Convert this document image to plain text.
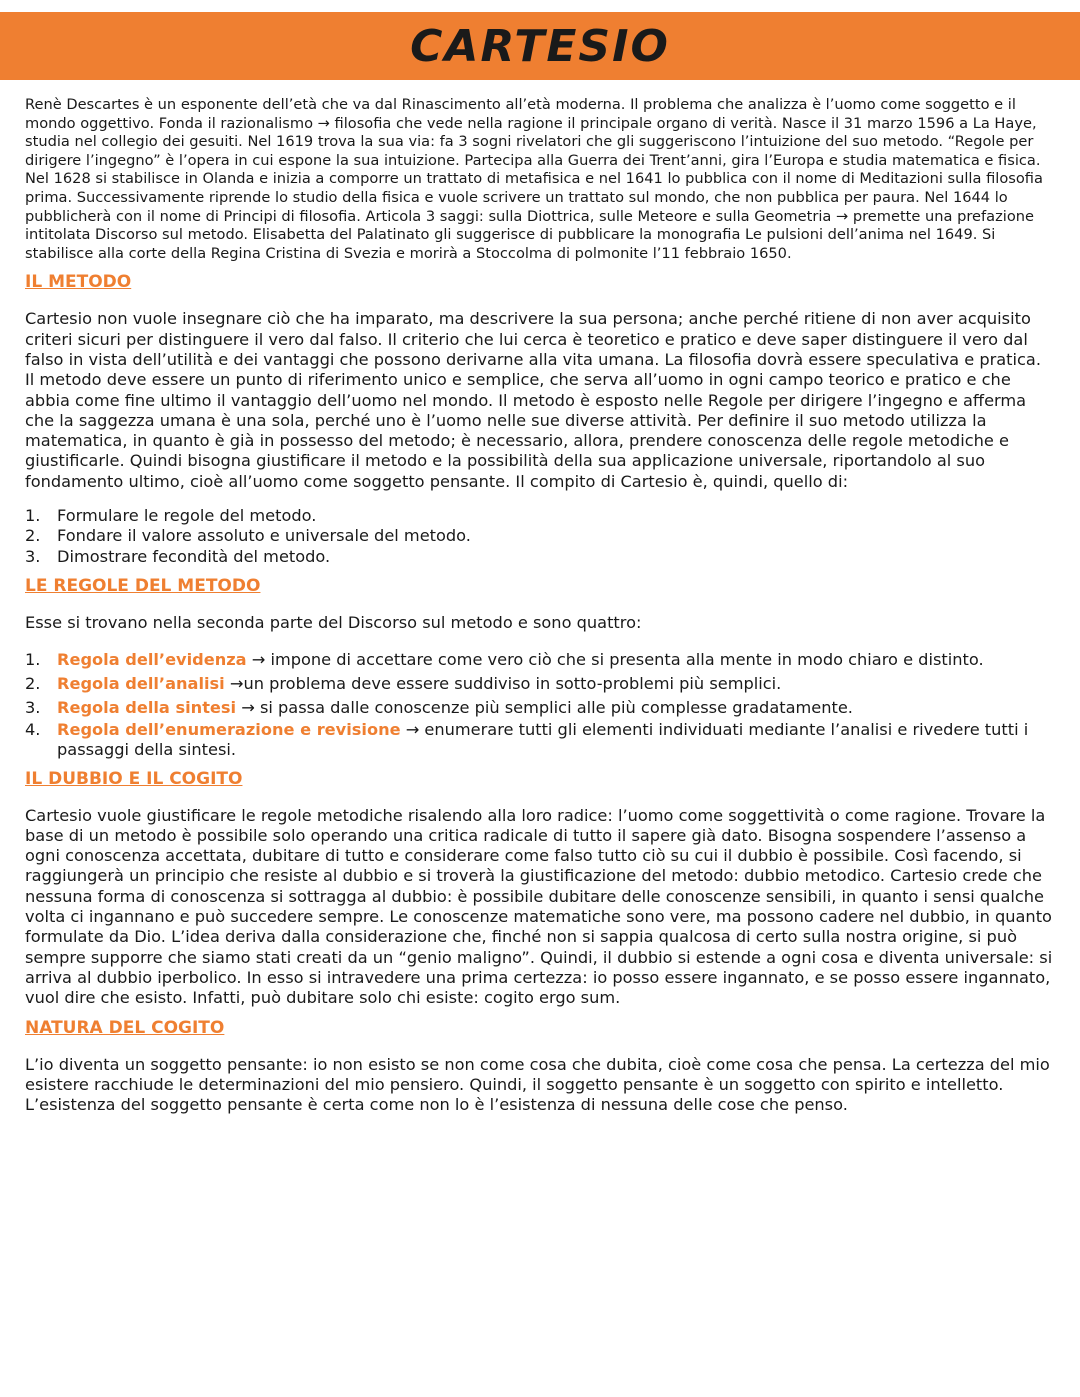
CARTESIO

Renè Descartes è un esponente dell’età che va dal Rinascimento all’età moderna. Il problema che analizza è l’uomo come soggetto e il mondo oggettivo. Fonda il razionalismo → filosofia che vede nella ragione il principale organo di verità. Nasce il 31 marzo 1596 a La Haye, studia nel collegio dei gesuiti. Nel 1619 trova la sua via: fa 3 sogni rivelatori che gli suggeriscono l’intuizione del suo metodo. “Regole per dirigere l’ingegno” è l’opera in cui espone la sua intuizione. Partecipa alla Guerra dei Trent’anni, gira l’Europa e studia matematica e fisica. Nel 1628 si stabilisce in Olanda e inizia a comporre un trattato di metafisica e nel 1641 lo pubblica con il nome di Meditazioni sulla filosofia prima. Successivamente riprende lo studio della fisica e vuole scrivere un trattato sul mondo, che non pubblica per paura. Nel 1644 lo pubblicherà con il nome di Principi di filosofia. Articola 3 saggi: sulla Diottrica, sulle Meteore e sulla Geometria → premette una prefazione intitolata Discorso sul metodo. Elisabetta del Palatinato gli suggerisce di pubblicare la monografia Le pulsioni dell’anima nel 1649. Si stabilisce alla corte della Regina Cristina di Svezia e morirà a Stoccolma di polmonite l’11 febbraio 1650.

IL METODO

Cartesio non vuole insegnare ciò che ha imparato, ma descrivere la sua persona; anche perché ritiene di non aver acquisito criteri sicuri per distinguere il vero dal falso. Il criterio che lui cerca è teoretico e pratico e deve saper distinguere il vero dal falso in vista dell’utilità e dei vantaggi che possono derivarne alla vita umana. La filosofia dovrà essere speculativa e pratica. Il metodo deve essere un punto di riferimento unico e semplice, che serva all’uomo in ogni campo teorico e pratico e che abbia come fine ultimo il vantaggio dell’uomo nel mondo. Il metodo è esposto nelle Regole per dirigere l’ingegno e afferma che la saggezza umana è una sola, perché uno è l’uomo nelle sue diverse attività. Per definire il suo metodo utilizza la matematica, in quanto è già in possesso del metodo; è necessario, allora, prendere conoscenza delle regole metodiche e giustificarle. Quindi bisogna giustificare il metodo e la possibilità della sua applicazione universale, riportandolo al suo fondamento ultimo, cioè all’uomo come soggetto pensante. Il compito di Cartesio è, quindi, quello di:

1.	Formulare le regole del metodo.
2.	Fondare il valore assoluto e universale del metodo.
3.	Dimostrare fecondità del metodo.
LE REGOLE DEL METODO

Esse si trovano nella seconda parte del Discorso sul metodo e sono quattro:

1.	Regola dell’evidenza → impone di accettare come vero ciò che si presenta alla mente in modo chiaro e distinto.
2.	Regola dell’analisi →un problema deve essere suddiviso in sotto-problemi più semplici.
3.	Regola della sintesi → si passa dalle conoscenze più semplici alle più complesse gradatamente.
4.	Regola dell’enumerazione e revisione → enumerare tutti gli elementi individuati mediante l’analisi e rivedere tutti i passaggi della sintesi.
IL DUBBIO E IL COGITO

Cartesio vuole giustificare le regole metodiche risalendo alla loro radice: l’uomo come soggettività o come ragione. Trovare la base di un metodo è possibile solo operando una critica radicale di tutto il sapere già dato. Bisogna sospendere l’assenso a ogni conoscenza accettata, dubitare di tutto e considerare come falso tutto ciò su cui il dubbio è possibile. Così facendo, si raggiungerà un principio che resiste al dubbio e si troverà la giustificazione del metodo: dubbio metodico. Cartesio crede che nessuna forma di conoscenza si sottragga al dubbio: è possibile dubitare delle conoscenze sensibili, in quanto i sensi qualche volta ci ingannano e può succedere sempre. Le conoscenze matematiche sono vere, ma possono cadere nel dubbio, in quanto formulate da Dio. L’idea deriva dalla considerazione che, finché non si sappia qualcosa di certo sulla nostra origine, si può sempre supporre che siamo stati creati da un “genio maligno”. Quindi, il dubbio si estende a ogni cosa e diventa universale: si arriva al dubbio iperbolico. In esso si intravedere una prima certezza: io posso essere ingannato, e se posso essere ingannato, vuol dire che esisto. Infatti, può dubitare solo chi esiste: cogito ergo sum.

NATURA DEL COGITO

L’io diventa un soggetto pensante: io non esisto se non come cosa che dubita, cioè come cosa che pensa. La certezza del mio esistere racchiude le determinazioni del mio pensiero. Quindi, il soggetto pensante è un soggetto con spirito e intelletto. L’esistenza del soggetto pensante è certa come non lo è l’esistenza di nessuna delle cose che penso.
